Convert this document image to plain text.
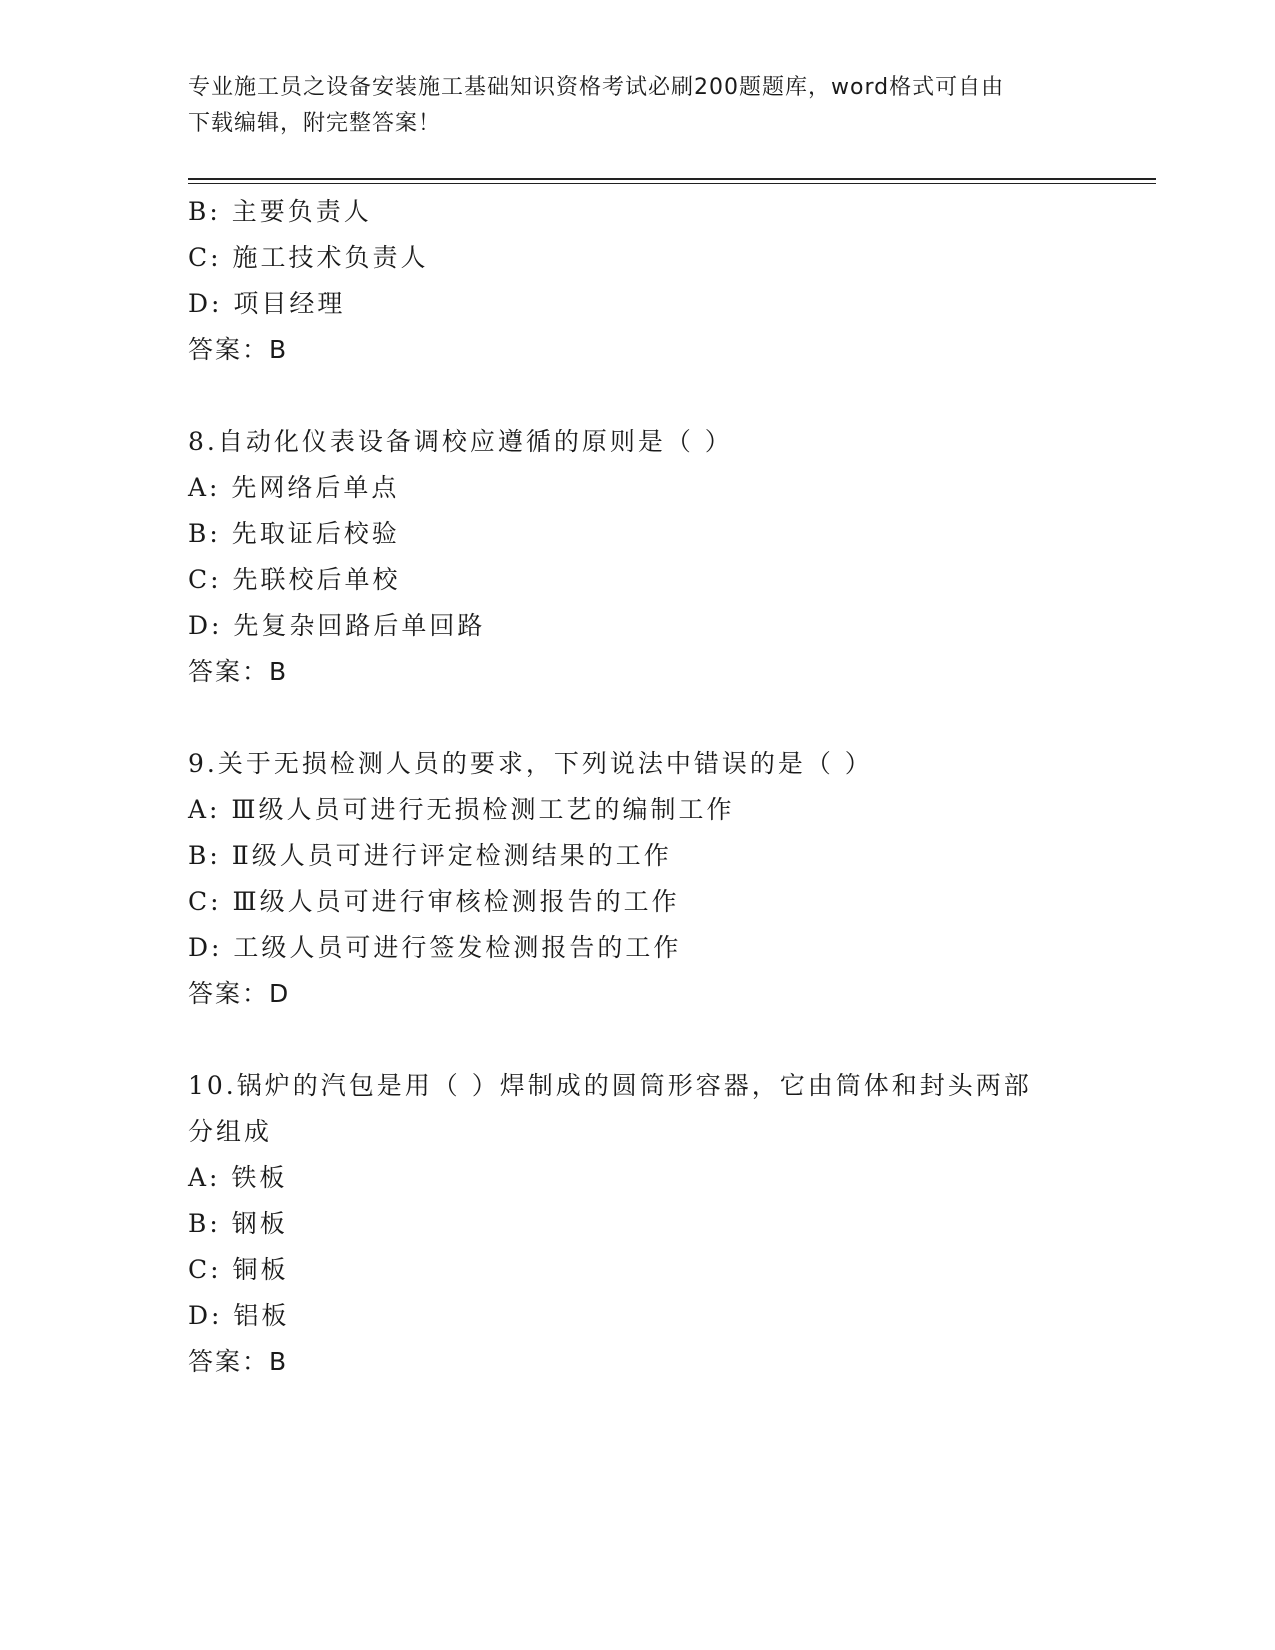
专业施工员之设备安装施工基础知识资格考试必刷200题题库，word格式可自由
下载编辑，附完整答案！
B: 主要负责人
C: 施工技术负责人
D: 项目经理
答案：B
8.自动化仪表设备调校应遵循的原则是（ ）
A: 先网络后单点
B: 先取证后校验
C: 先联校后单校
D: 先复杂回路后单回路
答案：B
9.关于无损检测人员的要求，下列说法中错误的是（ ）
A: Ⅲ级人员可进行无损检测工艺的编制工作
B: Ⅱ级人员可进行评定检测结果的工作
C: Ⅲ级人员可进行审核检测报告的工作
D: 工级人员可进行签发检测报告的工作
答案：D
10.锅炉的汽包是用（ ）焊制成的圆筒形容器，它由筒体和封头两部
分组成
A: 铁板
B: 钢板
C: 铜板
D: 铝板
答案：B
